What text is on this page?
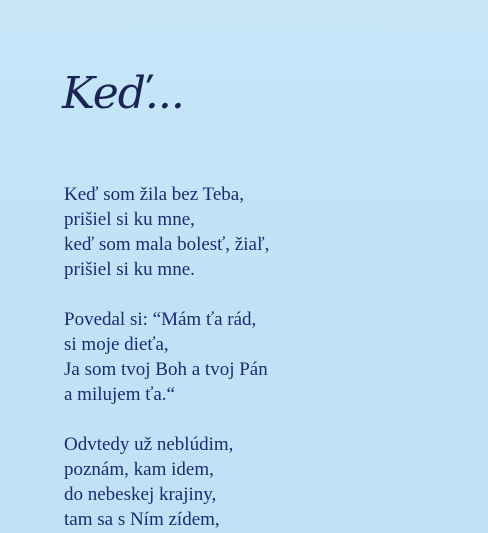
Keď...
Keď som žila bez Teba,
prišiel si ku mne,
keď som mala bolesť, žiaľ,
prišiel si ku mne.
Povedal si: “Mám ťa rád,
si moje dieťa,
Ja som tvoj Boh a tvoj Pán
a milujem ťa.“
Odvtedy už neblúdim,
poznám, kam idem,
do nebeskej krajiny,
tam sa s Ním zídem,
